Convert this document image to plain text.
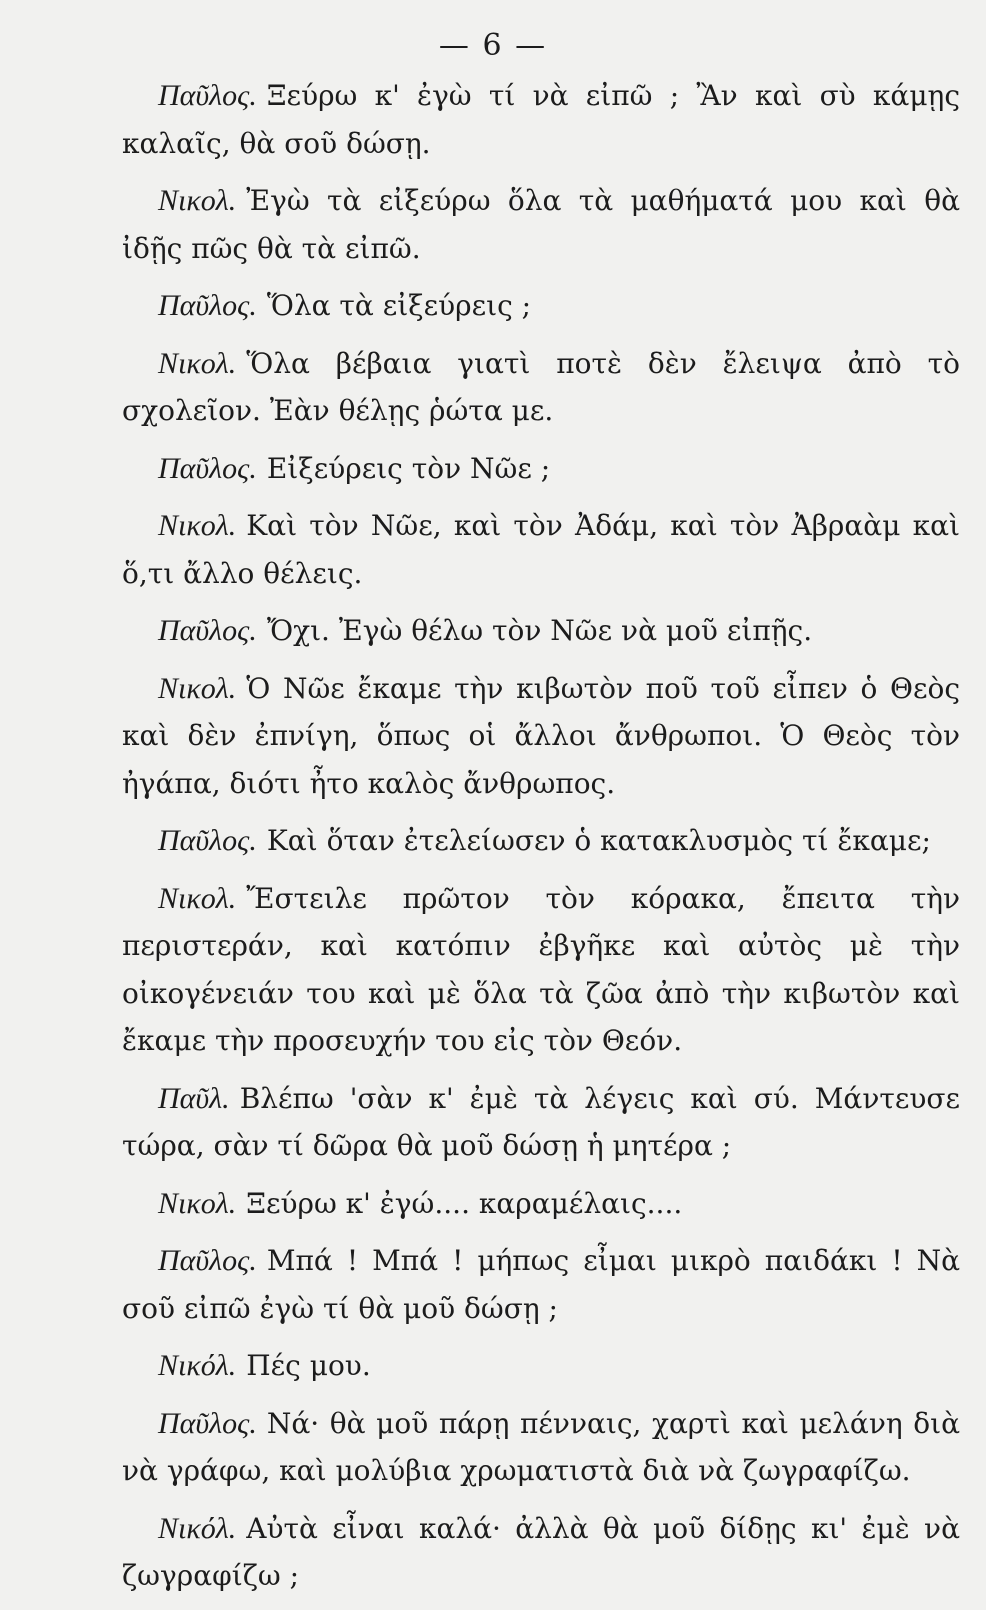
— 6 —

Παῦλος. Ξεύρω κ' ἐγὼ τί νὰ εἰπῶ ; Ἂν καὶ σὺ κάμῃς καλαῖς, θὰ σοῦ δώσῃ.

Νικολ. Ἐγὼ τὰ εἰξεύρω ὅλα τὰ μαθήματά μου καὶ θὰ ἰδῇς πῶς θὰ τὰ εἰπῶ.

Παῦλος. Ὅλα τὰ εἰξεύρεις ;

Νικολ. Ὅλα βέβαια γιατὶ ποτὲ δὲν ἔλειψα ἀπὸ τὸ σχολεῖον. Ἐὰν θέλῃς ῥώτα με.

Παῦλος. Εἰξεύρεις τὸν Νῶε ;

Νικολ. Καὶ τὸν Νῶε, καὶ τὸν Ἀδάμ, καὶ τὸν Ἀβραὰμ καὶ ὅ,τι ἄλλο θέλεις.

Παῦλος. Ὄχι. Ἐγὼ θέλω τὸν Νῶε νὰ μοῦ εἰπῇς.

Νικολ. Ὁ Νῶε ἔκαμε τὴν κιβωτὸν ποῦ τοῦ εἶπεν ὁ Θεὸς καὶ δὲν ἐπνίγη, ὅπως οἱ ἄλλοι ἄνθρωποι. Ὁ Θεὸς τὸν ἠγάπα, διότι ἦτο καλὸς ἄνθρωπος.

Παῦλος. Καὶ ὅταν ἐτελείωσεν ὁ κατακλυσμὸς τί ἔκαμε;

Νικολ. Ἔστειλε πρῶτον τὸν κόρακα, ἔπειτα τὴν περιστεράν, καὶ κατόπιν ἐβγῆκε καὶ αὐτὸς μὲ τὴν οἰκογένειάν του καὶ μὲ ὅλα τὰ ζῶα ἀπὸ τὴν κιβωτὸν καὶ ἔκαμε τὴν προσευχήν του εἰς τὸν Θεόν.

Παῦλ. Βλέπω 'σὰν κ' ἐμὲ τὰ λέγεις καὶ σύ. Μάντευσε τώρα, σὰν τί δῶρα θὰ μοῦ δώσῃ ἡ μητέρα ;

Νικολ. Ξεύρω κ' ἐγώ.... καραμέλαις....

Παῦλος. Μπά ! Μπά ! μήπως εἶμαι μικρὸ παιδάκι ! Νὰ σοῦ εἰπῶ ἐγὼ τί θὰ μοῦ δώσῃ ;

Νικόλ. Πές μου.

Παῦλος. Νά· θὰ μοῦ πάρῃ πένναις, χαρτὶ καὶ μελάνη διὰ νὰ γράφω, καὶ μολύβια χρωματιστὰ διὰ νὰ ζωγραφίζω.

Νικόλ. Αὐτὰ εἶναι καλά· ἀλλὰ θὰ μοῦ δίδῃς κι' ἐμὲ νὰ ζωγραφίζω ;
